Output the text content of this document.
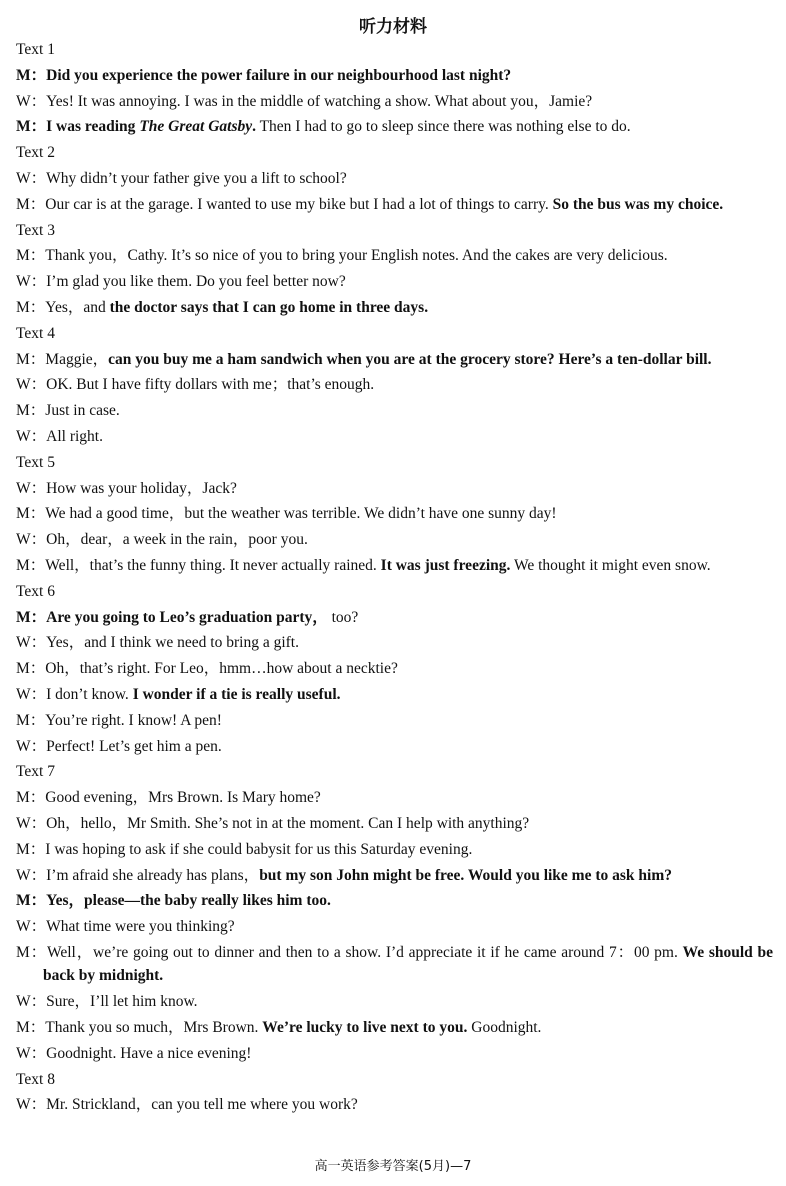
听力材料
Text 1
M：Did you experience the power failure in our neighbourhood last night?
W：Yes! It was annoying. I was in the middle of watching a show. What about you，Jamie?
M：I was reading The Great Gatsby. Then I had to go to sleep since there was nothing else to do.
Text 2
W：Why didn’t your father give you a lift to school?
M：Our car is at the garage. I wanted to use my bike but I had a lot of things to carry. So the bus was my choice.
Text 3
M：Thank you，Cathy. It’s so nice of you to bring your English notes. And the cakes are very delicious.
W：I’m glad you like them. Do you feel better now?
M：Yes，and the doctor says that I can go home in three days.
Text 4
M：Maggie，can you buy me a ham sandwich when you are at the grocery store? Here’s a ten-dollar bill.
W：OK. But I have fifty dollars with me；that’s enough.
M：Just in case.
W：All right.
Text 5
W：How was your holiday，Jack?
M：We had a good time，but the weather was terrible. We didn’t have one sunny day!
W：Oh，dear，a week in the rain，poor you.
M：Well，that’s the funny thing. It never actually rained. It was just freezing. We thought it might even snow.
Text 6
M：Are you going to Leo’s graduation party， too?
W：Yes，and I think we need to bring a gift.
M：Oh，that’s right. For Leo，hmm…how about a necktie?
W：I don’t know. I wonder if a tie is really useful.
M：You’re right. I know! A pen!
W：Perfect! Let’s get him a pen.
Text 7
M：Good evening，Mrs Brown. Is Mary home?
W：Oh，hello，Mr Smith. She’s not in at the moment. Can I help with anything?
M：I was hoping to ask if she could babysit for us this Saturday evening.
W：I’m afraid she already has plans，but my son John might be free. Would you like me to ask him?
M：Yes，please—the baby really likes him too.
W：What time were you thinking?
M：Well，we’re going out to dinner and then to a show. I’d appreciate it if he came around 7：00 pm. We should be back by midnight.
W：Sure，I’ll let him know.
M：Thank you so much，Mrs Brown. We’re lucky to live next to you. Goodnight.
W：Goodnight. Have a nice evening!
Text 8
W：Mr. Strickland，can you tell me where you work?
高一英语参考答案(5月)—7
